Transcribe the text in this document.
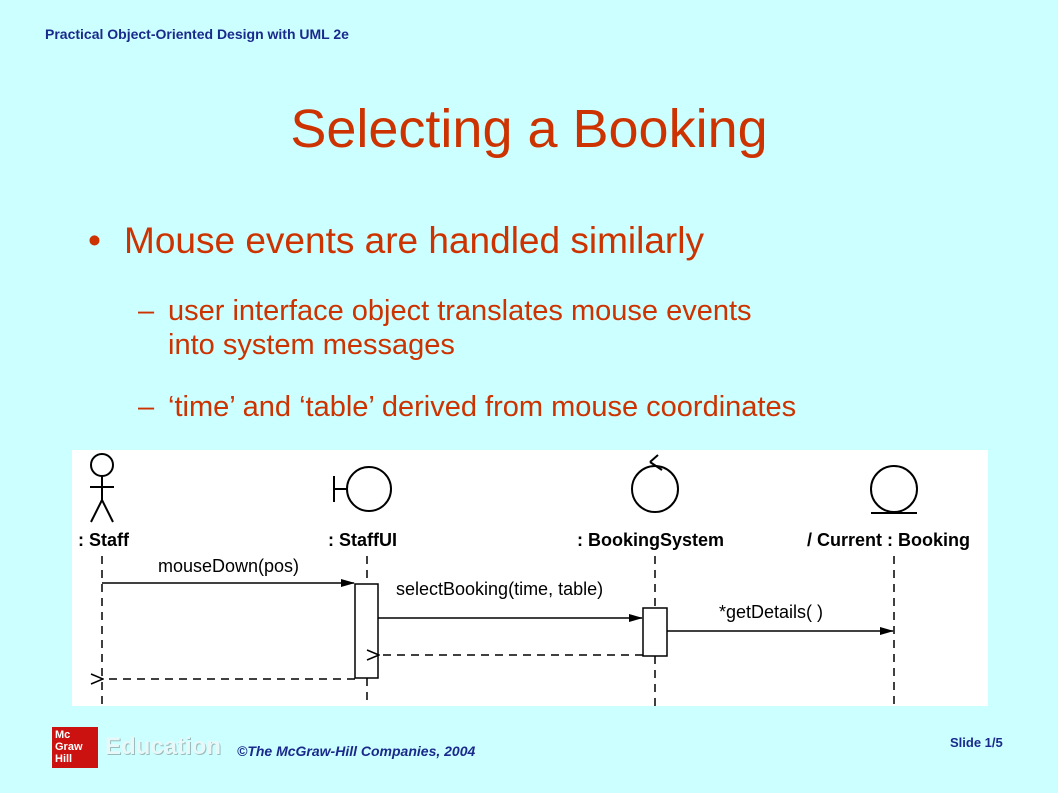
Practical Object-Oriented Design with UML 2e
Selecting a Booking
• Mouse events are handled similarly
– user interface object translates mouse events
into system messages
– ‘time’ and ‘table’ derived from mouse coordinates
: Staff	: StaffUI	: BookingSystem	/ Current : Booking
mouseDown(pos)
selectBooking(time, table)
*getDetails( )
Mc Graw Hill	Education ©The McGraw-Hill Companies, 2004
Slide 1/5
